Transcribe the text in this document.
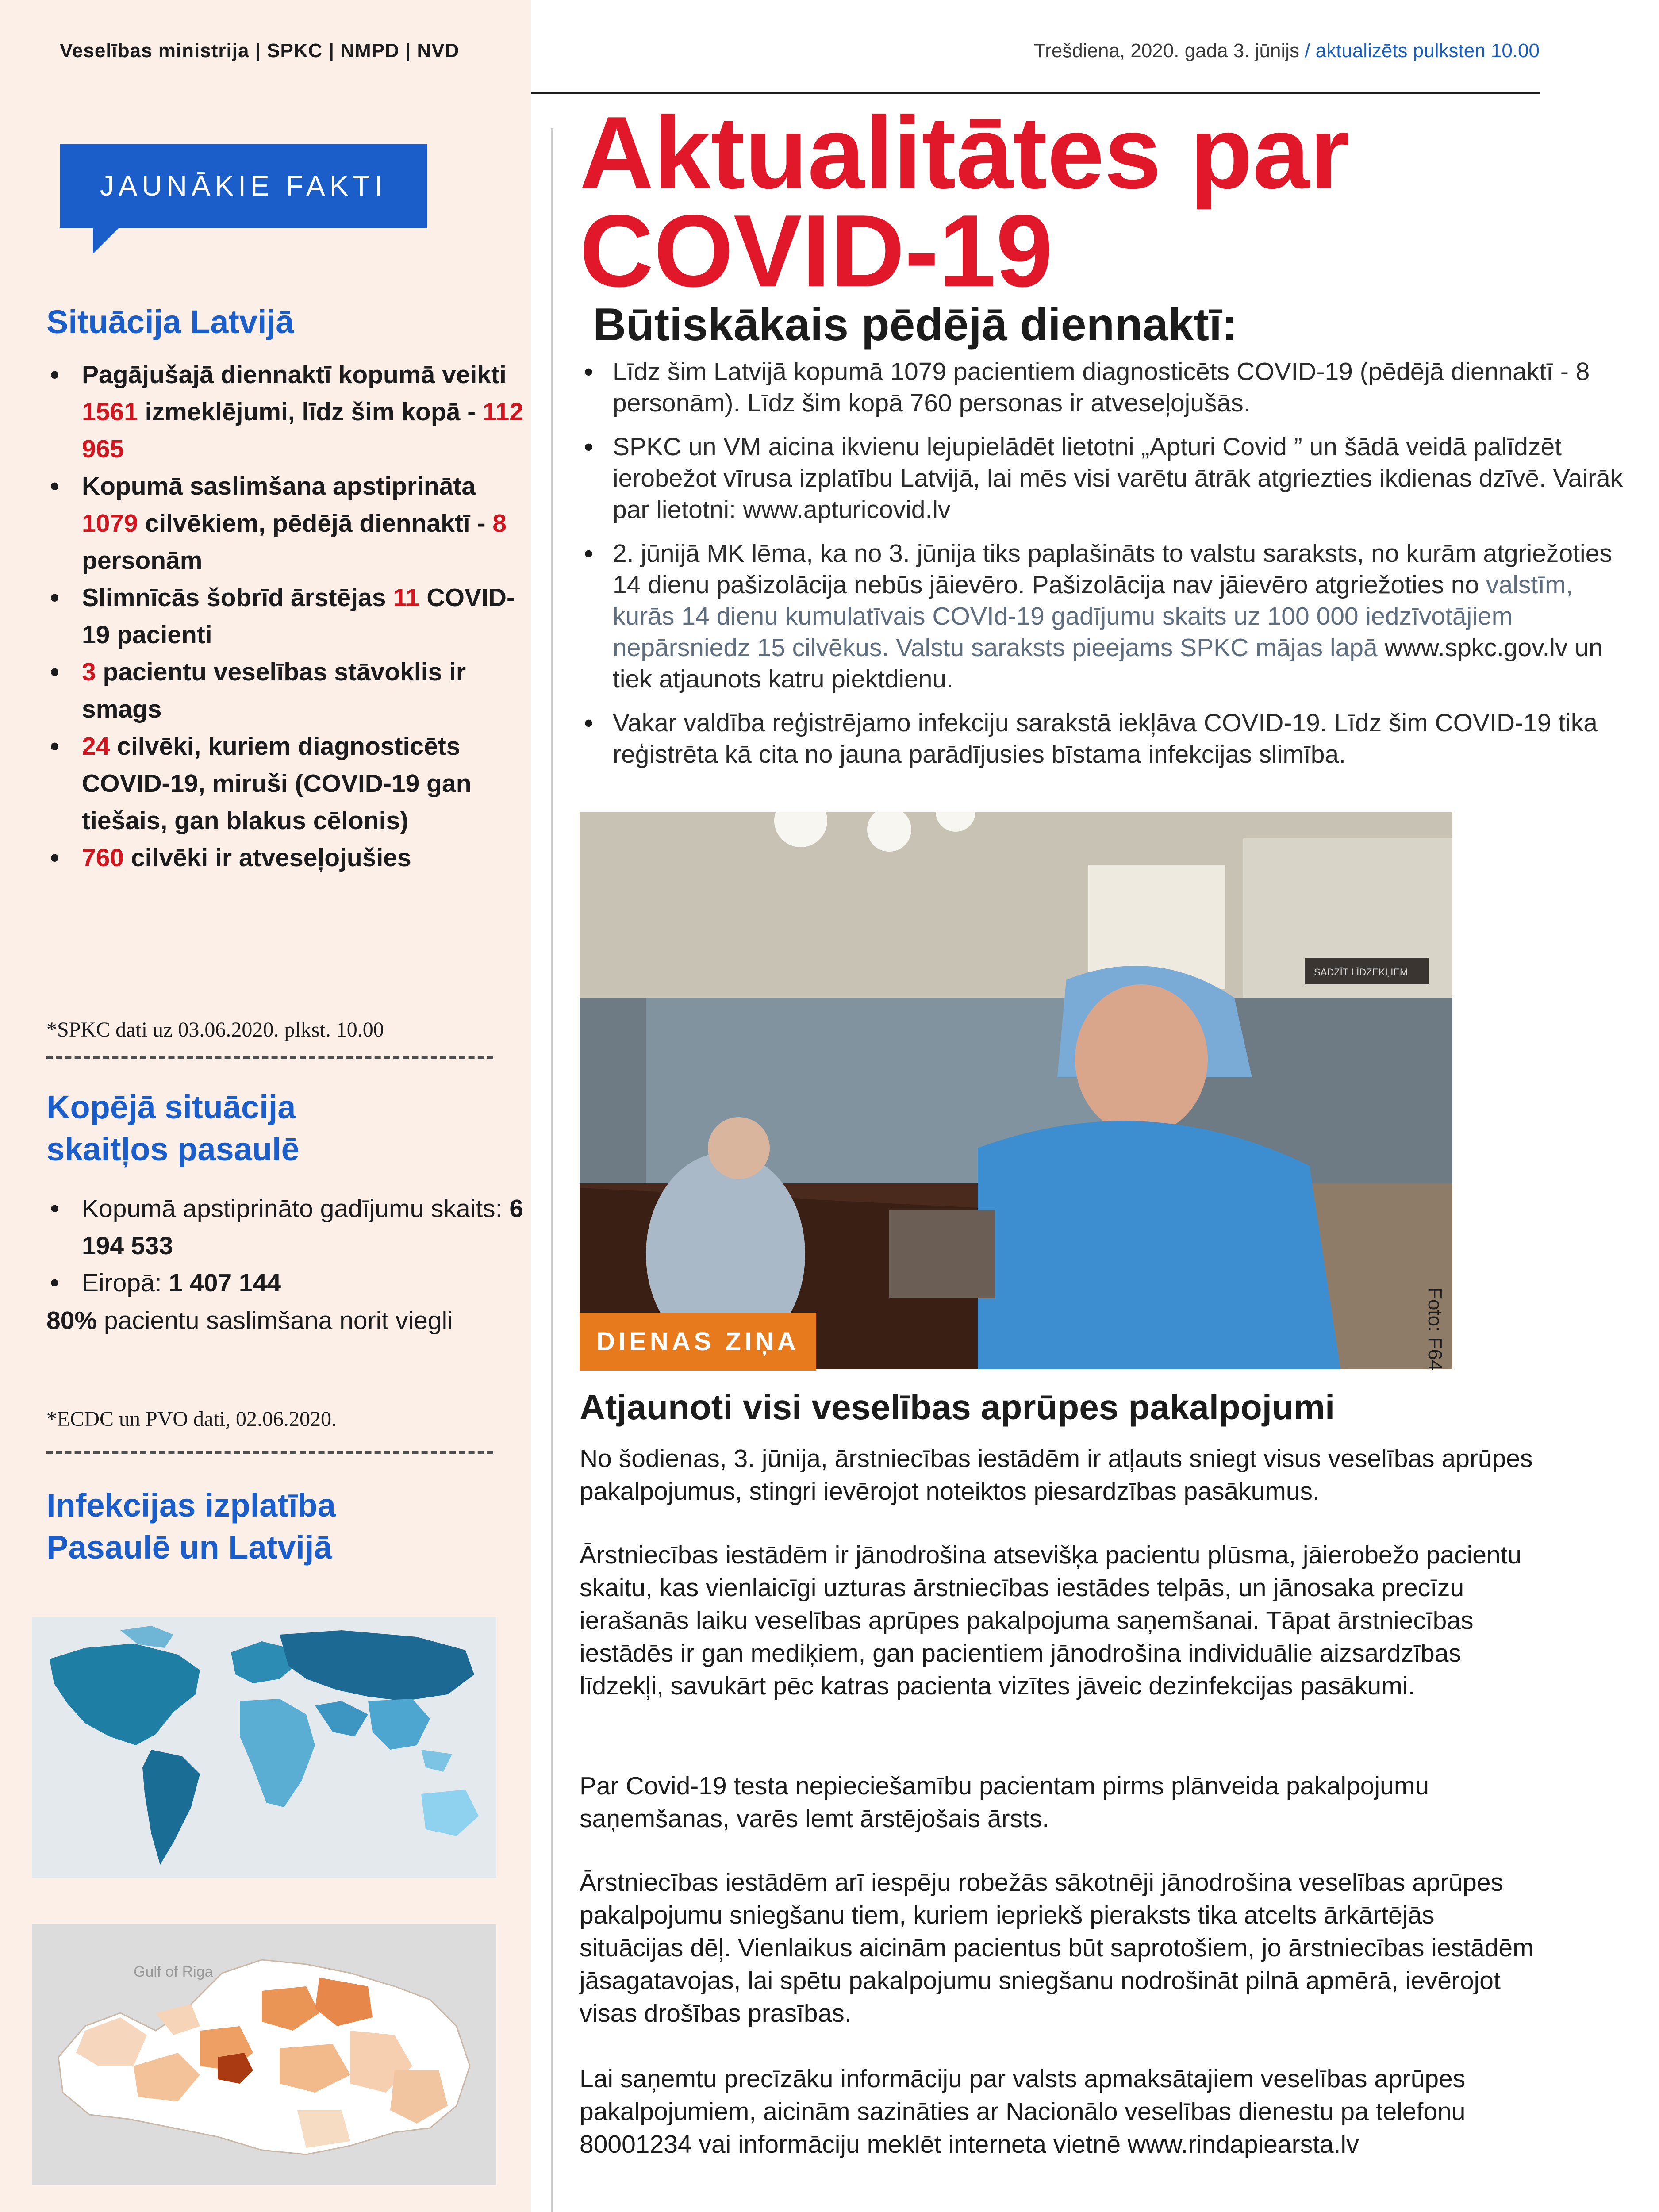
Veselības ministrija | SPKC | NMPD | NVD	Trešdiena, 2020. gada 3. jūnijs / aktualizēts pulksten 10.00
JAUNĀKIE FAKTI
Situācija Latvijā
• Pagājušajā diennaktī kopumā veikti 1561 izmeklējumi, līdz šim kopā - 112 965
• Kopumā saslimšana apstiprināta 1079 cilvēkiem, pēdējā diennaktī - 8 personām
• Slimnīcās šobrīd ārstējas 11 COVID-19 pacienti
• 3 pacientu veselības stāvoklis ir smags
• 24 cilvēki, kuriem diagnosticēts COVID-19, miruši (COVID-19 gan tiešais, gan blakus cēlonis)
• 760 cilvēki ir atveseļojušies
*SPKC dati uz 03.06.2020. plkst. 10.00
Kopējā situācija
skaitļos pasaulē
• Kopumā apstiprināto gadījumu skaits: 6 194 533
• Eiropā: 1 407 144
80% pacientu saslimšana norit viegli
*ECDC un PVO dati, 02.06.2020.
Infekcijas izplatība
Pasaulē un Latvijā
Gulf of Riga
Aktualitātes par
COVID-19
Būtiskākais pēdējā diennaktī:
• Līdz šim Latvijā kopumā 1079 pacientiem diagnosticēts COVID-19 (pēdējā diennaktī - 8 personām). Līdz šim kopā 760 personas ir atveseļojušās.
• SPKC un VM aicina ikvienu lejupielādēt lietotni „Apturi Covid ” un šādā veidā palīdzēt ierobežot vīrusa izplatību Latvijā, lai mēs visi varētu ātrāk atgriezties ikdienas dzīvē. Vairāk par lietotni: www.apturicovid.lv
• 2. jūnijā MK lēma, ka no 3. jūnija tiks paplašināts to valstu saraksts, no kurām atgriežoties 14 dienu pašizolācija nebūs jāievēro. Pašizolācija nav jāievēro atgriežoties no valstīm, kurās 14 dienu kumulatīvais COVId-19 gadījumu skaits uz 100 000 iedzīvotājiem nepārsniedz 15 cilvēkus. Valstu saraksts pieejams SPKC mājas lapā www.spkc.gov.lv un tiek atjaunots katru piektdienu.
• Vakar valdība reģistrējamo infekciju sarakstā iekļāva COVID-19. Līdz šim COVID-19 tika reģistrēta kā cita no jauna parādījusies bīstama infekcijas slimība.
SADZĪT LĪDZEKĻIEM
DIENAS ZIŅA	Foto: F64
Atjaunoti visi veselības aprūpes pakalpojumi

No šodienas, 3. jūnija, ārstniecības iestādēm ir atļauts sniegt visus veselības aprūpes pakalpojumus, stingri ievērojot noteiktos piesardzības pasākumus.

Ārstniecības iestādēm ir jānodrošina atsevišķa pacientu plūsma, jāierobežo pacientu skaitu, kas vienlaicīgi uzturas ārstniecības iestādes telpās, un jānosaka precīzu ierašanās laiku veselības aprūpes pakalpojuma saņemšanai. Tāpat ārstniecības iestādēs ir gan mediķiem, gan pacientiem jānodrošina individuālie aizsardzības līdzekļi, savukārt pēc katras pacienta vizītes jāveic dezinfekcijas pasākumi.

Par Covid-19 testa nepieciešamību pacientam pirms plānveida pakalpojumu saņemšanas, varēs lemt ārstējošais ārsts.

Ārstniecības iestādēm arī iespēju robežās sākotnēji jānodrošina veselības aprūpes pakalpojumu sniegšanu tiem, kuriem iepriekš pieraksts tika atcelts ārkārtējās situācijas dēļ. Vienlaikus aicinām pacientus būt saprotošiem, jo ārstniecības iestādēm jāsagatavojas, lai spētu pakalpojumu sniegšanu nodrošināt pilnā apmērā, ievērojot visas drošības prasības.

Lai saņemtu precīzāku informāciju par valsts apmaksātajiem veselības aprūpes pakalpojumiem, aicinām sazināties ar Nacionālo veselības dienestu pa telefonu 80001234 vai informāciju meklēt interneta vietnē www.rindapiearsta.lv
